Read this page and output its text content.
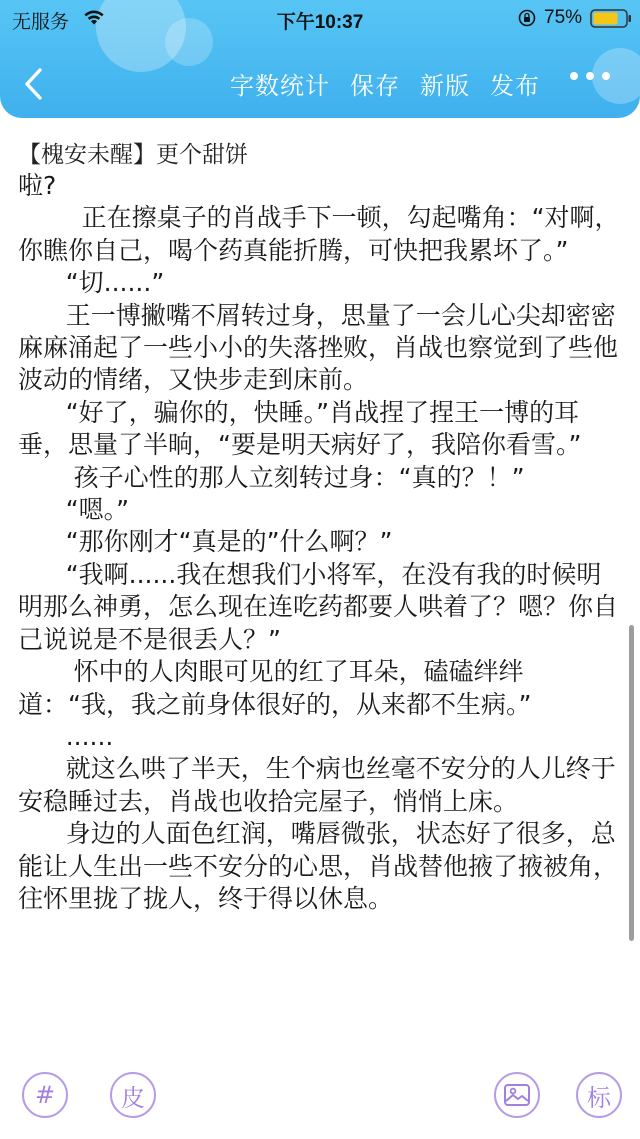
无服务	下午10:37	75%
字数统计 保存 新版 发布
【槐安未醒】更个甜饼

啦?

正在擦桌子的肖战手下一顿，勾起嘴角：“对啊，你瞧你自己，喝个药真能折腾，可快把我累坏了。”

“切......”

王一博撇嘴不屑转过身，思量了一会儿心尖却密密麻麻涌起了一些小小的失落挫败，肖战也察觉到了些他波动的情绪，又快步走到床前。

“好了，骗你的，快睡。”肖战捏了捏王一博的耳垂，思量了半晌，“要是明天病好了，我陪你看雪。”

孩子心性的那人立刻转过身：“真的？！”

“嗯。”

“那你刚才“真是的”什么啊？”

“我啊......我在想我们小将军，在没有我的时候明明那么神勇，怎么现在连吃药都要人哄着了？嗯？你自己说说是不是很丢人？”

怀中的人肉眼可见的红了耳朵，磕磕绊绊道：“我，我之前身体很好的，从来都不生病。”

......

就这么哄了半天，生个病也丝毫不安分的人儿终于安稳睡过去，肖战也收拾完屋子，悄悄上床。

身边的人面色红润，嘴唇微张，状态好了很多，总能让人生出一些不安分的心思，肖战替他掖了掖被角，往怀里拢了拢人，终于得以休息。

#	皮	标
